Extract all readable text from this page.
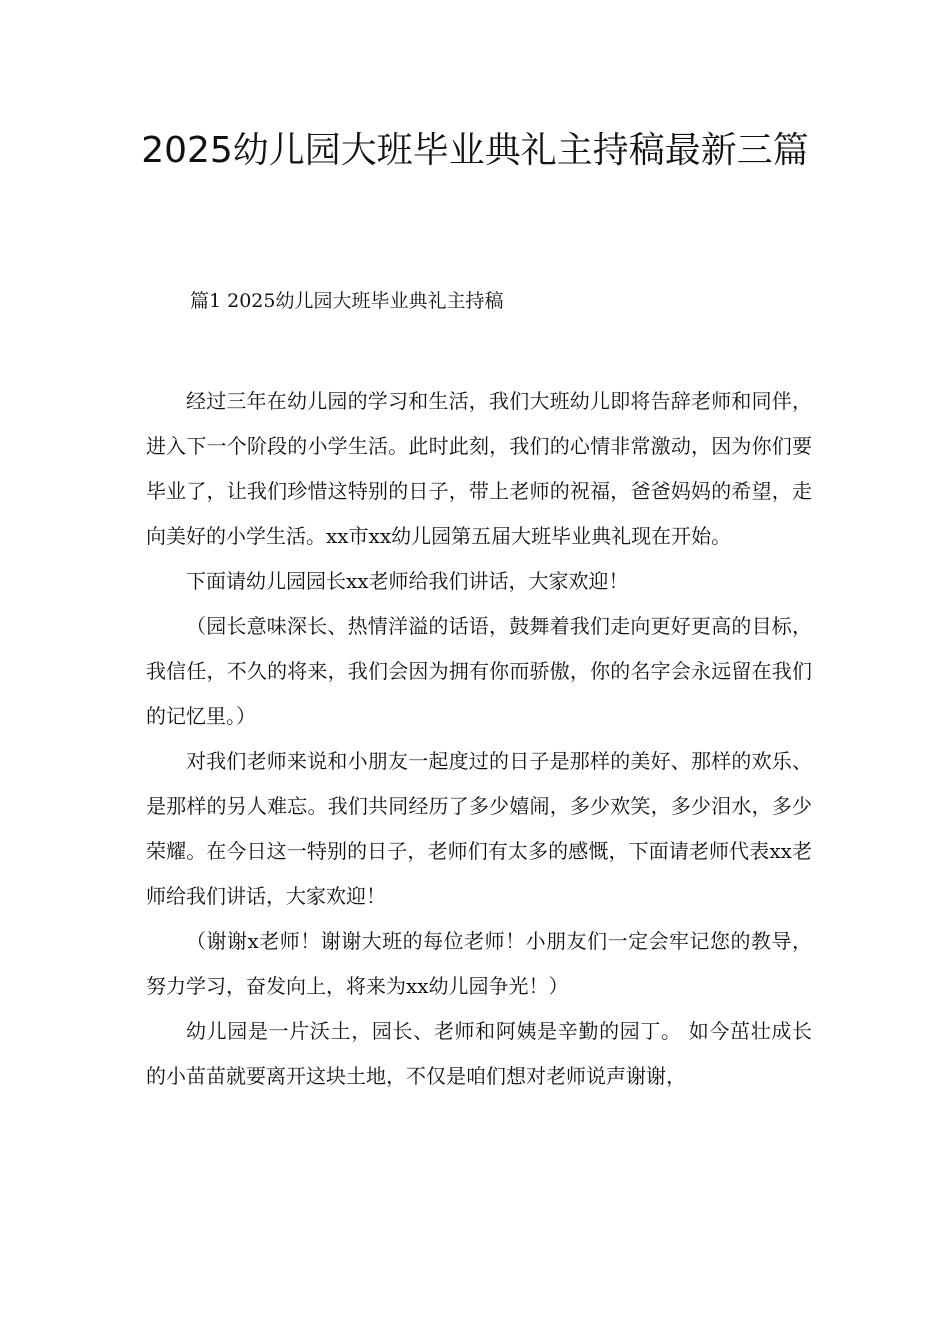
2025幼儿园大班毕业典礼主持稿最新三篇

篇1 2025幼儿园大班毕业典礼主持稿

经过三年在幼儿园的学习和生活，我们大班幼儿即将告辞老师和同伴，进入下一个阶段的小学生活。此时此刻，我们的心情非常激动，因为你们要毕业了，让我们珍惜这特别的日子，带上老师的祝福，爸爸妈妈的希望，走向美好的小学生活。xx市xx幼儿园第五届大班毕业典礼现在开始。

下面请幼儿园园长xx老师给我们讲话，大家欢迎！

（园长意味深长、热情洋溢的话语，鼓舞着我们走向更好更高的目标，我信任，不久的将来，我们会因为拥有你而骄傲，你的名字会永远留在我们的记忆里。）

对我们老师来说和小朋友一起度过的日子是那样的美好、那样的欢乐、是那样的另人难忘。我们共同经历了多少嬉闹，多少欢笑，多少泪水，多少荣耀。在今日这一特别的日子，老师们有太多的感慨，下面请老师代表xx老师给我们讲话，大家欢迎！

（谢谢x老师！谢谢大班的每位老师！小朋友们一定会牢记您的教导，努力学习，奋发向上，将来为xx幼儿园争光！）

幼儿园是一片沃土，园长、老师和阿姨是辛勤的园丁。 如今茁壮成长的小苗苗就要离开这块土地，不仅是咱们想对老师说声谢谢，
